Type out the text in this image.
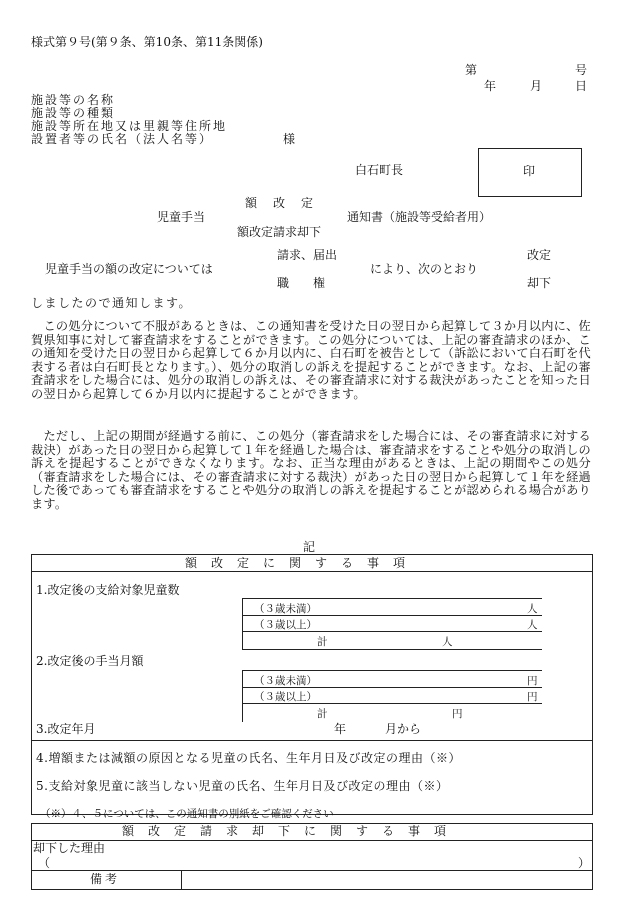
様式第９号(第９条、第10条、第11条関係)
第	号
年	月	日
施設等の名称
施設等の種類
施設等所在地又は里親等住所地
設置者等の氏名（法人名等）	様
白石町長	印
額　改　定
児童手当	通知書（施設等受給者用）
額改定請求却下
請求、届出
児童手当の額の改定については	により、次のとおり
改定
職　　権	却下
しましたので通知します。
　この処分について不服があるときは、この通知書を受けた日の翌日から起算して３か月以内に、佐賀県知事に対して審査請求をすることができます。この処分については、上記の審査請求のほか、この通知を受けた日の翌日から起算して６か月以内に、白石町を被告として（訴訟において白石町を代表する者は白石町長となります。）、処分の取消しの訴えを提起することができます。なお、上記の審査請求をした場合には、処分の取消しの訴えは、その審査請求に対する裁決があったことを知った日の翌日から起算して６か月以内に提起することができます。
　ただし、上記の期間が経過する前に、この処分（審査請求をした場合には、その審査請求に対する裁決）があった日の翌日から起算して１年を経過した場合は、審査請求をすることや処分の取消しの訴えを提起することができなくなります。なお、正当な理由があるときは、上記の期間やこの処分（審査請求をした場合には、その審査請求に対する裁決）があった日の翌日から起算して１年を経過した後であっても審査請求をすることや処分の取消しの訴えを提起することが認められる場合があります。
記
額　改　定　に　関　す　る　事　項
1.改定後の支給対象児童数
（３歳未満）	人
（３歳以上）	人
計	人
2.改定後の手当月額
（３歳未満）	円
（３歳以上）	円
計	円
3.改定年月	年	月から
4.増額または減額の原因となる児童の氏名、生年月日及び改定の理由（※）
5.支給対象児童に該当しない児童の氏名、生年月日及び改定の理由（※）
（※）４、５については、この通知書の別紙をご確認ください
額　改　定　請　求　却　下　に　関　す　る　事　項
却下した理由
（	）
備考
